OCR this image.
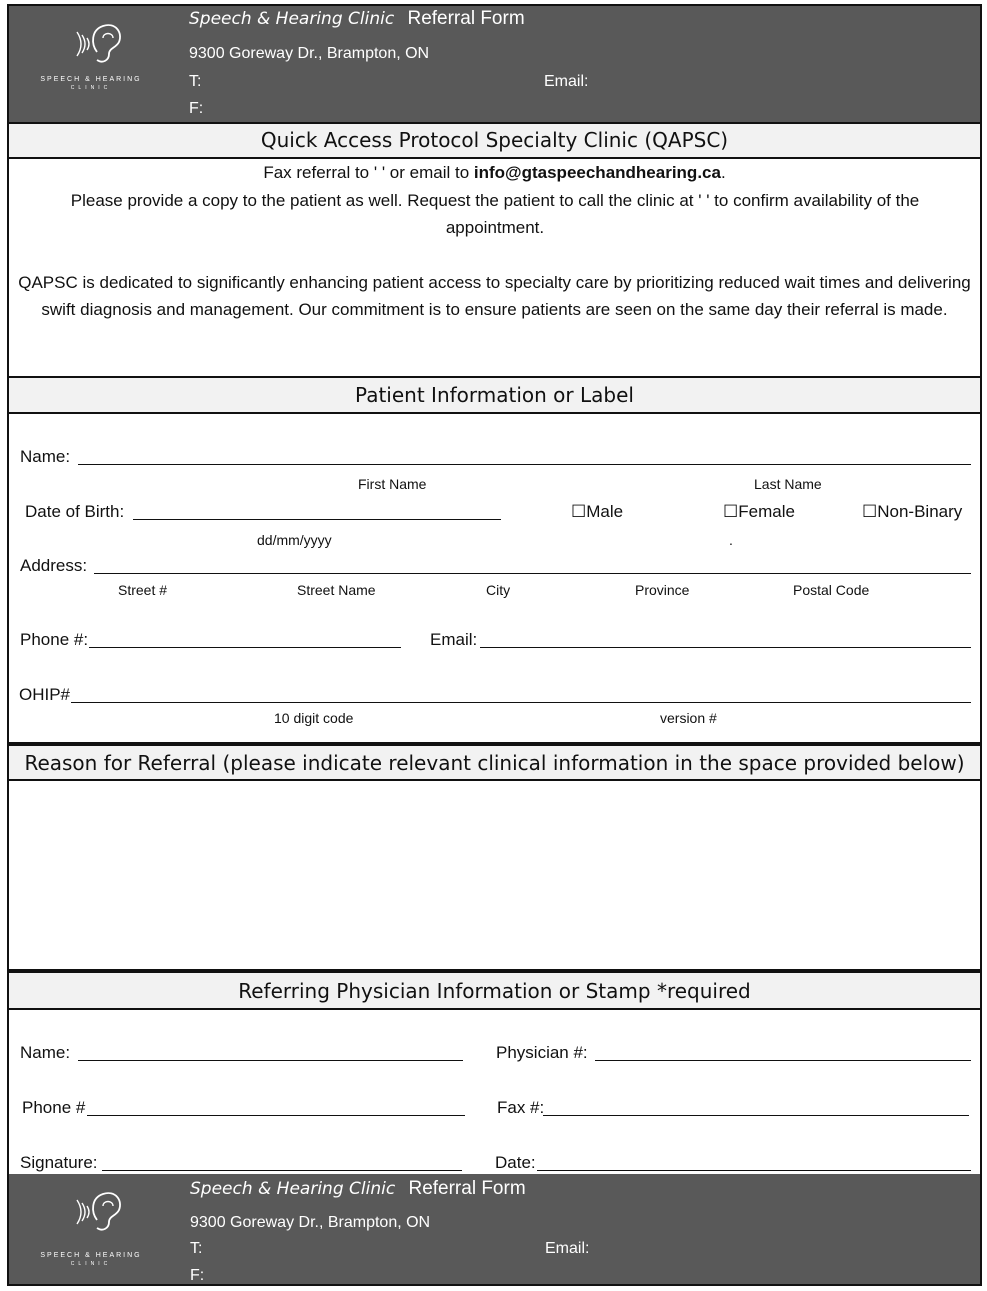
SPEECH & HEARING
CLINIC
Speech & Hearing Clinic Referral Form
9300 Goreway Dr., Brampton, ON
T:	Email:
F:
Quick Access Protocol Specialty Clinic (QAPSC)
Fax referral to ' ' or email to info@gtaspeechandhearing.ca.
Please provide a copy to the patient as well. Request the patient to call the clinic at ' ' to confirm availability of the appointment.
QAPSC is dedicated to significantly enhancing patient access to specialty care by prioritizing reduced wait times and delivering swift diagnosis and management. Our commitment is to ensure patients are seen on the same day their referral is made.
Patient Information or Label
Name:
First Name	Last Name
Date of Birth:	☐Male	☐Female	☐Non-Binary
dd/mm/yyyy	.
Address:
Street #	Street Name	City	Province	Postal Code
Phone #:	Email:
OHIP#
10 digit code	version #
Reason for Referral (please indicate relevant clinical information in the space provided below)
Referring Physician Information or Stamp *required
Name:	Physician #:
Phone #	Fax #:
Signature:	Date:
SPEECH & HEARING
CLINIC
Speech & Hearing Clinic Referral Form
9300 Goreway Dr., Brampton, ON
T:	Email:
F:
